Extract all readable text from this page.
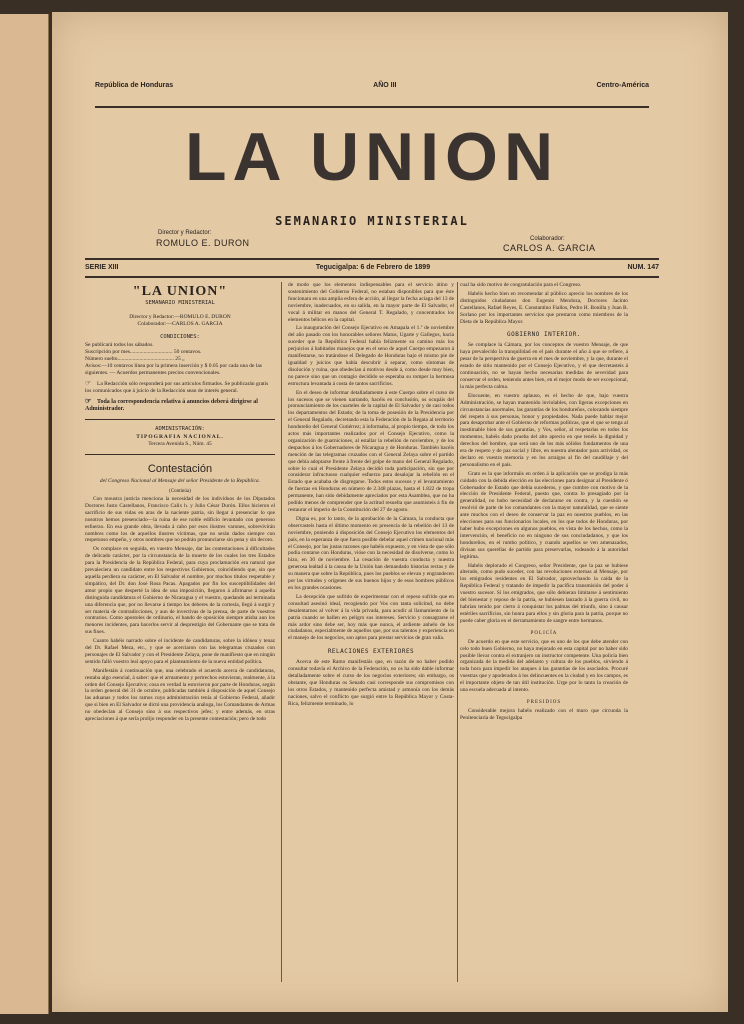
República de Honduras	AÑO III	Centro-América
LA UNION
SEMANARIO MINISTERIAL
Director y Redactor:
ROMULO E. DURON	Colaborador:
CARLOS A. GARCIA
SERIE XIII	Tegucigalpa: 6 de Febrero de 1899	NUM. 147
"LA UNION"
SEMANARIO MINISTERIAL
Director y Redactor:—ROMULO E. DURON
Colaborador:—CARLOS A. GARCIA
CONDICIONES:
Se publicará todos los sábados.
Suscripción por mes............................... 50 centavos.
Número suelto......................................... 25 „
Avisos:—10 centavos línea por la primera inserción y $ 0.05 por cada una de las siguientes. — Acuerdos permanentes precios convencionales.
☞ La Redacción sólo responderá por sus artículos firmados. Se publicarán gratis los comunicados que á juicio de la Redacción sean de interés general.
☞ Toda la correspondencia relativa á anuncios deberá dirigirse al Administrador.
ADMINISTRACIÓN:
TIPOGRAFIA NACIONAL.
Tercera Avenida S., Núm. 45
Contestación
del Congreso Nacional al Mensaje del señor Presidente de la República.
(Continúa)

Con moustra justicia menciona la necesidad de los individuos de los Diputados Doctores Justo Castellanos, Francisco Calix h. y Julio César Durón. Ellos hicieron el sacrificio de sus vidas en aras de la naciente patria, sin llegar á presenciar lo que nosotros hemos presenciado—la ruina de ese noble edificio levantado con generoso esfuerzo. En esa grande obra, llevada á cabo por esos ilustres varones, sobrevivirán nombres como los de aquellos ilustres víctimas, que no serán dados siempre con respetuoso empeño, y otros nombres que no podrán pronunciarse sin pena y sin decoro.

Os complace en seguida, en vuestro Mensaje, dar las contestaciones á dificultades de delicado carácter, por la circunstancia de la muerte de los cuales los tres Estados para la Presidencia de la República Federal, para cuya proclamación era natural que prevaleciera un candidato entre los respectivos Gobiernos, coincidiendo que, sin que aquella perdiera su carácter, en El Salvador el nombre, por muchos títulos respetable y simpático, del Dr. don José Rosa Pacas. Apagados por fin los susceptibilidades del amor propio que desperté la idea de una imposición, llegaron á afirmarse á aquella distinguida candidatura el Gobierno de Nicaragua y el vuestro, quedando así terminada una diferencia que, por no llevarse á tiempo los deberes de la cortesía, llegó á surgir y ser materia de contradicciones, y aun de invectivas de la prensa, de parte de vuestros contrarios. Como apostoles de ordinario, el bando de oposición siempre atisba aun los menores incidentes, para hacerlos servir al desprestigio del Gobernante que se trata de sus fines.

Cuanto habéis narrado sobre el incidente de candidaturas, sobre la idónea y tenaz del Dr. Rafael Meza, etc., y que se acerciaron con las telegramas cruzados con personajes de El Salvador y con el Presidente Zelaya, pone de manifiesto que en ningún sentido falló vuestro leal apoyo para el planteamiento de la nueva entidad política.

Manifestáis á continuación que, una celebrado el acuerdo acerca de candidaturas, restaba algo esencial, á saber: que el armamento y pertrechos estuvieran, realmente, á la orden del Consejo Ejecutivo; cosa en verdad la estuvieron por parte de Honduras, según la orden general del 31 de octubre, publicadas también á disposición de aquel Consejo las aduanas y todos los ramos cuya administración tenía al Gobierno Federal, añadir que si bien en El Salvador se dictó una providencia análoga, los Comandantes de Armas no obedecían al Consejo sino á sus respectivos jefes; y entre además, en otras apreciaciones á que sería prolijo responder en la presente contestación; pero de todo

de modo que los elementos indispensables para el servicio útino y sostenimiento del Gobierno Federal, no estaban disponibles para que éste funcionara en una amplia esfera de acción, al llegar la fecha aciaga del 13 de noviembre, inadecuados, en su salida, en la mayor parte de El Salvador, el vocal á militar en manos del General T. Regalado, y concentrados los elementos bélicos en la capital.

La inauguración del Consejo Ejecutivo en Amapala el 1.º de noviembre del año pasado con los honorables señores Matus, Ugarte y Gallegos, hacía suceder que la República Federal había felizmente su camino más los perjuicios á habitados manejos que en el seno de aquel Cuerpo empezaron á manifestarse, no tratándose el Delegado de Honduras bajo el mismo pie de igualdad y juicios que había descubrir á separar, como síntomas de disolución y ruina, que obedecían á motivos desde á, como desde muy bien, no parece sino que un contagio decidido se esperaba su romper la hermosa estructura levantada á costa de tantos sacrificios.

En el deseo de informar detalladamente á este Cuerpo sobre el curso de los sucesos que se vienen narrando, hacéis en conclusión, os ocupáis del pronunciamiento de los cuarteles de la capital de El Salvador y de casi todos los departamentos del Estado; de la toma de posesión de la Presidencia por el General Regalado, decretando esta la Federación de la Regata al territorio hondureño del General Gutiérrez; á informaba, al propio tiempo, de todo los actos más importantes realizados por el Consejo Ejecutivo, como la organización de guarniciones, al estallar la rebelión de noviembre, y de los despachos á los Gobernadores de Nicaragua y de Honduras. También hacéis mención de las telegramas cruzados con el General Zelaya sobre el partido que debía adoptarse frente á frente del golpe de mano del General Regalado, sobre lo cual el Presidente Zelaya decidió toda participación, sin que por considerar infructuoso cualquier esfuerzo para desalojar la rebelión en el Estado que acababa de disgregarse. Todos estos sucesos y el levantamiento de fuerzas en Honduras en número de 2.348 plazas, hasta el 1.822 de tropa permanente, han sido debidamente apreciados por esta Asamblea, que no ha podido menos de comprender que la actitud resuelta que asumisteis á fin de restaurar el imperio de la Constitución del 27 de agosto.

Digna es, por lo tanto, de la aprobación de la Cámara, la conducta que observasteis hasta el último momento en presencia de la rebelión del 13 de noviembre, poniendo á disposición del Consejo Ejecutivo los elementos del país, en la esperanza de que fuera posible debelar aquel crimen nacional más el Consejo, por las justas razones que habéis expuesto, y en vista de que sólo podía contarse con Honduras, vióse con la necesidad de disolverse, como lo hizo, en 30 de noviembre. La cesación de vuestra conducta y nuestra generosa lealtad á la causa de la Unión han demandado historias rectas y de su manera que sobre la República, pues los pueblos se elevan y engrandecen por las virtudes y orígenes de sus buenos hijos y de esos hombres públicos en los grandes ocasiones.

La decepción que sufrido de experimentar con el repeso sufrido que en consultad asesinó ideal, recogiendo por Vos con tanta solicitud, no debe desalentarnos al volver á la vida privada, para acudir al llamamiento de la patria cuando se hallen en peligro sus intereses. Servicio y consagrarse el más ardor sino debe ser, hoy más que nunca, el ardiente anhelo de los ciudadanos, especialmente de aquellos que, por sus talentos y experiencia en el manejo de los negocios, son aptos para prestar servicios de gran valía.

RELACIONES EXTERIORES

Acerca de este Ramo manifestáis que, en razón de no haber podido consultar todavía el Archivo de la Federación, no os ha sido dable informar detalladamente sobre el curso de los negocios exteriores; sin embargo, os obstante, que Honduras os Senado casi corresponde sus compromisos con los otros Estados, y mantenido perfecta amistad y armonía con los demás naciones, salvo el conflicto que surgió entre la República Mayor y Costa-Rica, felizmente terminado, lo

cual ha sido motivo de congratulación para el Congreso.

Habéis hecho bien en recomendar al público aprecio los nombres de los distinguidos ciudadanos don Eugenio Mendoza, Doctores Jacinto Castellanos, Rafael Reyes, E. Constantino Fiallos, Pedro H. Bonilla y Juan B. Sorlano por los importantes servicios que prestaron como miembros de la Dieta de la República Mayor.

GOBIERNO INTERIOR.

Se complace la Cámara, por los conceptos de vuestro Mensaje, de que haya prevalecido la tranquilidad en el país durante el año á que se refiere, á pesar de la perspectiva de guerra en el mes de noviembre, y la que, durante el estado de sitio mantenido por el Consejo Ejecutivo, y el que decretasteis á continuación, no se hayan hecho necesarias medidas de severidad para conservar el orden, teniendo antes bien, en el mejor modo de ser excepcional, la más perfecta calma.

Elocuente, en vuestro aplauso, es el hecho de que, bajo vuestra Administración, se hayan mantenido inviolables, con ligeras excepciones en circunstancias anormales, las garantías de los hondureños, colocando siempre del respeto á sus personas, honor y propiedades. Nada puede hablar mejor para desaprobar ante el Gobierno de reformas políticas, que el que se tenga al inestimable bien de sus garantías, y Vos, señor, al respetarlas en todos los momentos, habéis dado prueba del alto aprecio en que tenéis la dignidad y derechos del hombre, que será uno de los más sólidos fundamentos de una era de respeto y de paz social y libre, en nuestra alentador para actividad, os declaro en vuestra memoria y en los arraigos al fin del caudillaje y del personalismo en el país.

Grato es la que informáis en orden á la aplicación que se prodiga la más cuidado con la debida elección en las elecciones para designar al Presidente ó Gobernador de Estado que debía sucederos, y que cumbre con motivo de la elección de Presidente Federal, puesto que, contra lo presagiado por la generalidad, no hubo necesidad de declararse en contra, y la cuestión se resolvió de parte de los comandantes con la mayor naturalidad, que se siente ante muchos con el deseo de conservar la paz en nuestros pueblos, en las elecciones para sus funcionarios locales, en los que todos de Honduras, por haber hubo excepciones en algunos pueblos, en vista de los hechos, como la intervención, el beneficio no en ninguno de sus conciudadanos, y que los hondureños, en el rumbo político, y cuando aquellos se ven amenazados, divisan sus querellas de partido para preservarlas, rodeando á la autoridad legítima.

Habéis deplorado el Congreso, señor Presidente, que la paz se hubiese alterado, como pudo suceder, con las revoluciones externas al Mensaje, por los emigrados residentes en El Salvador, aprovechando la caída de la República Federal y tratando de impedir la pacífica transmisión del poder á vuestro sucesor. Si los emigrados, que sólo debieran limitarse á sentimiento del bienestar y reposo de la patria, se hubiesen lanzado á la guerra civil, no habrían tenido por cierto á conquistar los palmas del triunfo, sino á causar estériles sacrificios, sin honra para ellos y sin gloria para la patria, porque no puede caber gloria en el derramamiento de sangre entre hermanos.

POLICÍA

De acuerdo en que este servicio, que es uno de los que debe atender con celo todo buen Gobierno, no haya mejorado en esta capital por no haber sido posible llevar contra el extranjero un instructor competente. Una policía bien organizada de la medida del adelanto y cultura de los pueblos, sirviendo á toda hora para impedir los ataques á las garantías de los asociados. Procuré vuestras que y apoderados á los delincuentes en la ciudad y en los campos, es el importante objeto de tan útil institución. Urge por lo tanto la creación de una escuela adecuada al intento.

PRESIDIOS

Considerable mejora habéis realizado con el muro que circunda la Penitenciaría de Tegucigalpa
